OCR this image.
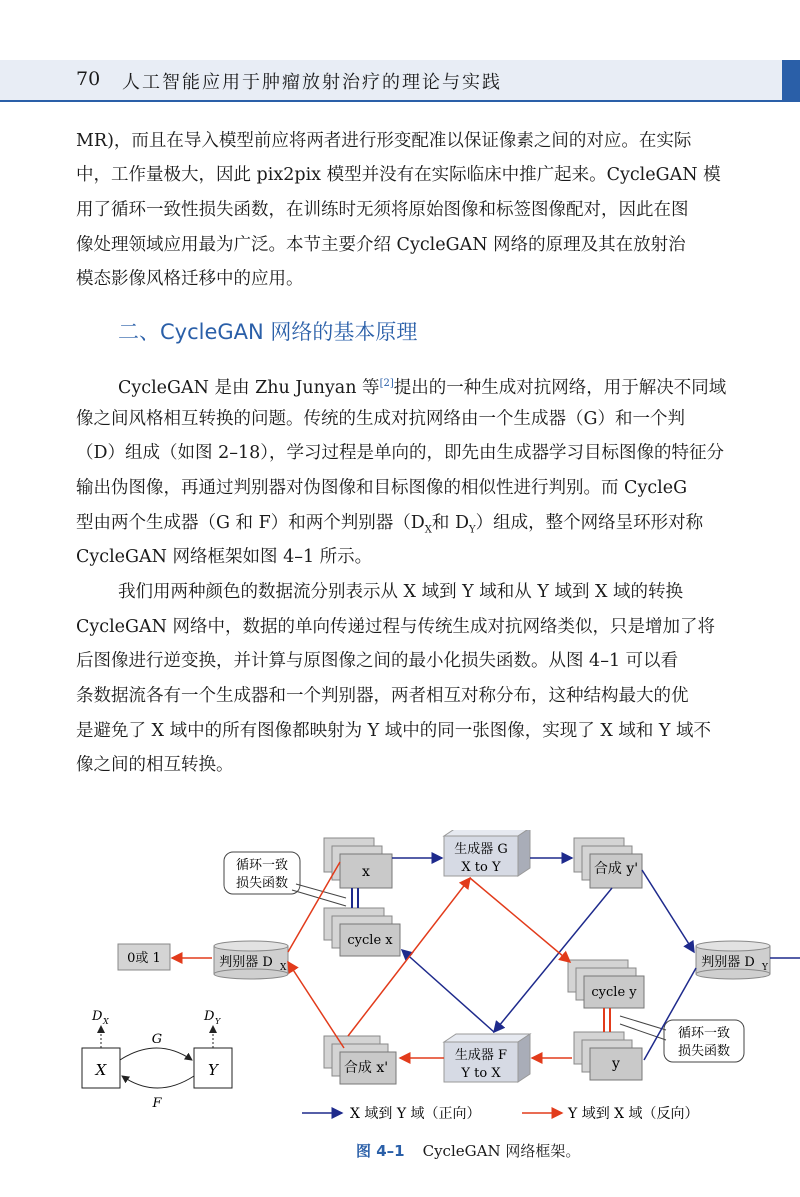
70 人工智能应用于肿瘤放射治疗的理论与实践

MR)，而且在导入模型前应将两者进行形变配准以保证像素之间的对应。在实际

中，工作量极大，因此 pix2pix 模型并没有在实际临床中推广起来。CycleGAN 模

用了循环一致性损失函数，在训练时无须将原始图像和标签图像配对，因此在图

像处理领域应用最为广泛。本节主要介绍 CycleGAN 网络的原理及其在放射治

模态影像风格迁移中的应用。

二、CycleGAN 网络的基本原理

CycleGAN 是由 Zhu Junyan 等[2]提出的一种生成对抗网络，用于解决不同域

像之间风格相互转换的问题。传统的生成对抗网络由一个生成器（G）和一个判

（D）组成（如图 2–18），学习过程是单向的，即先由生成器学习目标图像的特征分

输出伪图像，再通过判别器对伪图像和目标图像的相似性进行判别。而 CycleG

型由两个生成器（G 和 F）和两个判别器（$D_X$和 $D_Y$）组成，整个网络呈环形对称

CycleGAN 网络框架如图 4–1 所示。

我们用两种颜色的数据流分别表示从 X 域到 Y 域和从 Y 域到 X 域的转换

CycleGAN 网络中，数据的单向传递过程与传统生成对抗网络类似，只是增加了将

后图像进行逆变换，并计算与原图像之间的最小化损失函数。从图 4–1 可以看

条数据流各有一个生成器和一个判别器，两者相互对称分布，这种结构最大的优

是避免了 X 域中的所有图像都映射为 Y 域中的同一张图像，实现了 X 域和 Y 域不

像之间的相互转换。

x	合成 y'
cycle x
cycle y
合成 x'	y
生成器 G
X to Y
生成器 F
Y to X
判别器 D X	判别器 D Y
0或 1
循环一致
损失函数
循环一致
损失函数
X	Y
D X	D Y
G
F
X 域到 Y 域（正向）	Y 域到 X 域（反向）
图 4–1 CycleGAN 网络框架。
